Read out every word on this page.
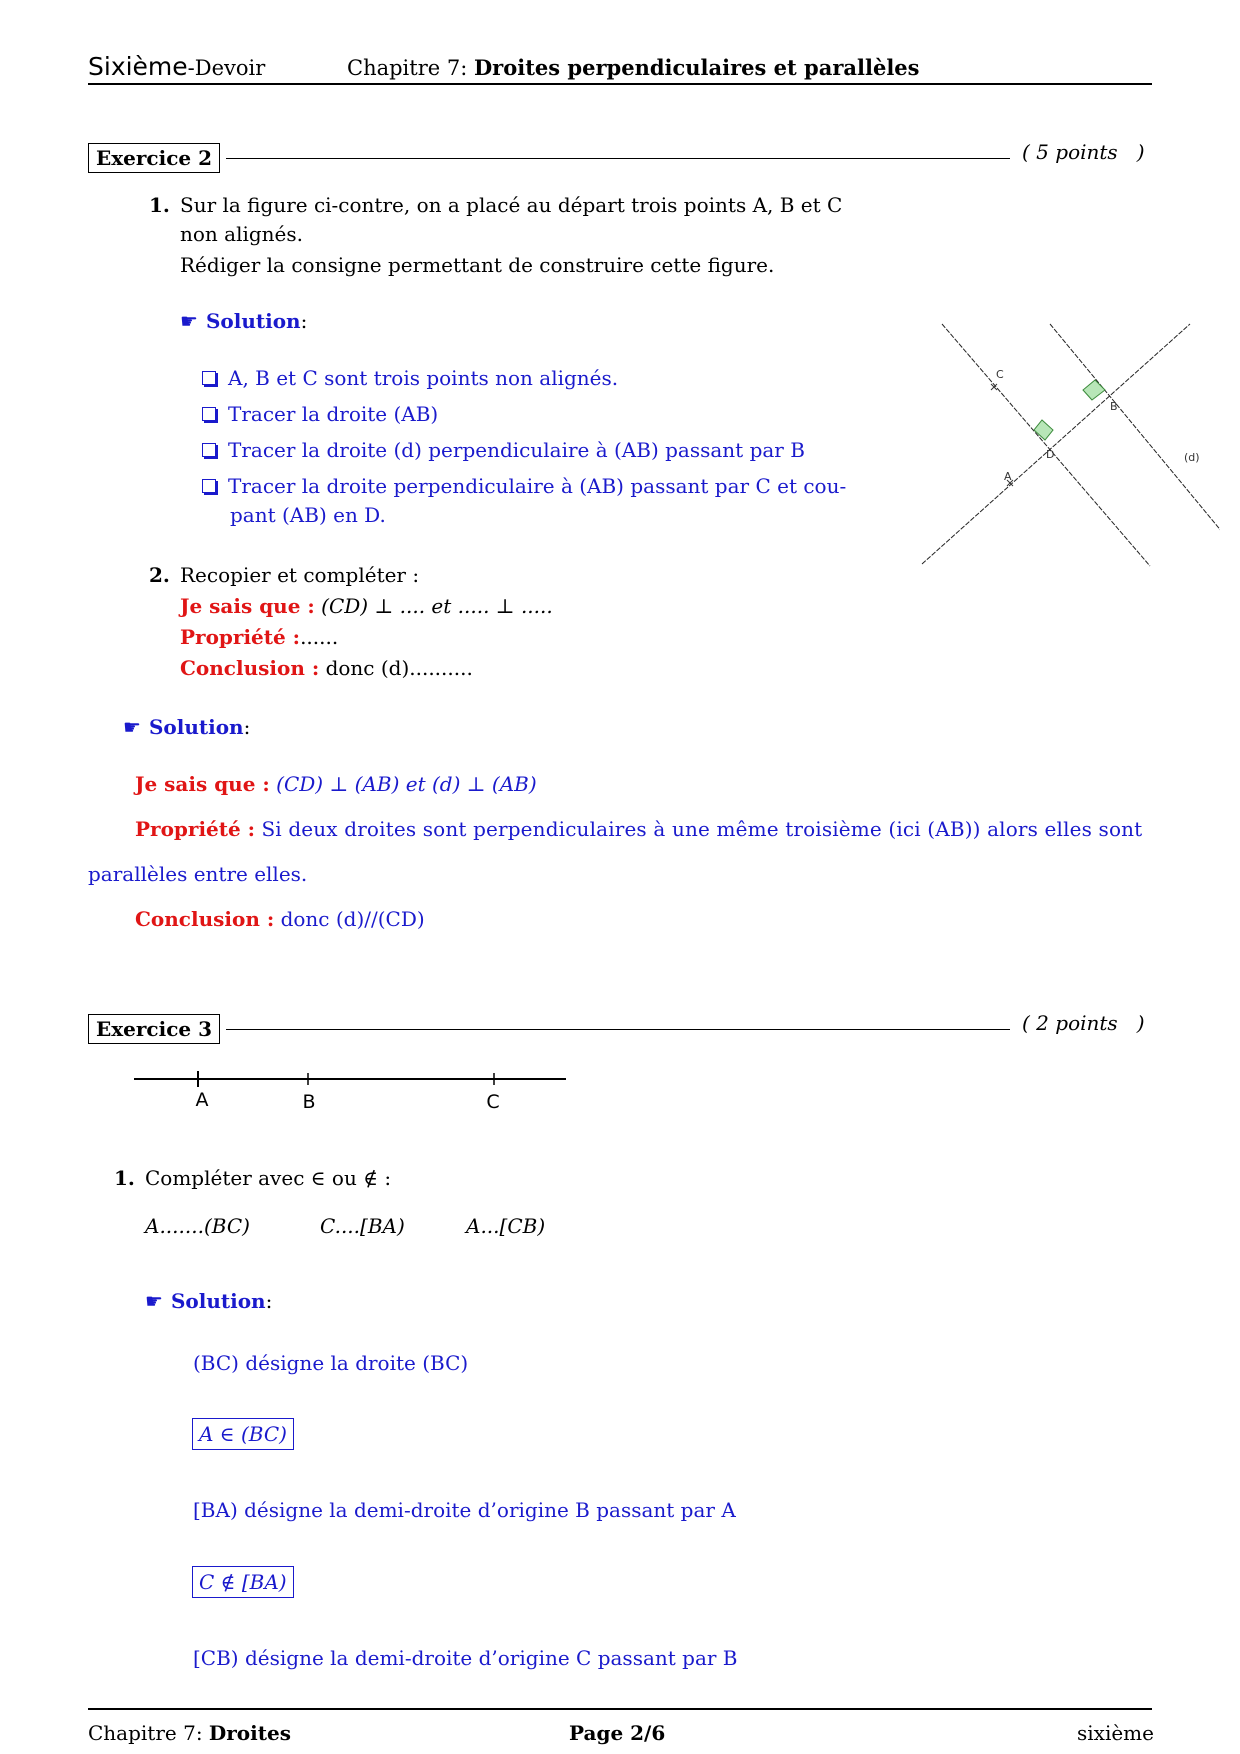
Sixième-Devoir	Chapitre 7: Droites perpendiculaires et parallèles
Exercice 2	( 5 points   )
1. Sur la figure ci-contre, on a placé au départ trois points A, B et C
non alignés.
Rédiger la consigne permettant de construire cette figure.
☛ Solution:
A, B et C sont trois points non alignés.
Tracer la droite (AB)
Tracer la droite (d) perpendiculaire à (AB) passant par B
Tracer la droite perpendiculaire à (AB) passant par C et cou-
pant (AB) en D.
C
B
A
D	(d)
2. Recopier et compléter :
Je sais que : (CD) ⊥ .... et ..... ⊥ .....
Propriété :......
Conclusion : donc (d)..........
☛ Solution:
Je sais que : (CD) ⊥ (AB) et (d) ⊥ (AB)
Propriété : Si deux droites sont perpendiculaires à une même troisième (ici (AB)) alors elles sont
parallèles entre elles.
Conclusion : donc (d)//(CD)
Exercice 3	( 2 points   )
A	B	C
1. Compléter avec ∈ ou ∉ :
A.......(BC)	C....[BA)	A...[CB)
☛ Solution:
(BC) désigne la droite (BC)
A ∈ (BC)
[BA) désigne la demi-droite d’origine B passant par A
C ∉ [BA)
[CB) désigne la demi-droite d’origine C passant par B
Chapitre 7: Droites	Page 2/6	sixième
